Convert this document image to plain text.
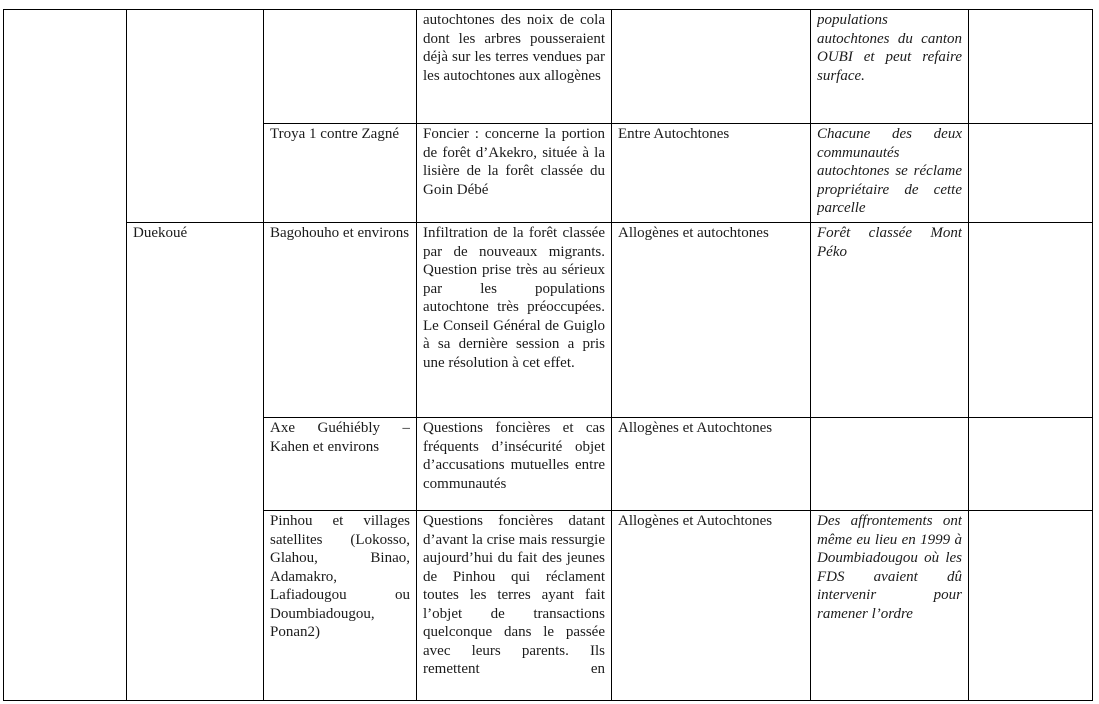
			autochtones des noix de cola dont les arbres pousseraient déjà sur les terres vendues par les autochtones aux allogènes		populations autochtones du canton OUBI et peut refaire surface.	

		Troya 1 contre Zagné	Foncier : concerne la portion de forêt d’Akekro, située à la lisière de la forêt classée du Goin Débé	Entre Autochtones	Chacune des deux communautés autochtones se réclame propriétaire de cette parcelle	

	Duekoué	Bagohouho et environs	Infiltration de la forêt classée par de nouveaux migrants. Question prise très au sérieux par les populations autochtone très préoccupées. Le Conseil Général de Guiglo à sa dernière session a pris une résolution à cet effet.	Allogènes et autochtones	Forêt classée Mont Péko	

		Axe Guéhiébly – Kahen et environs	Questions foncières et cas fréquents d’insécurité objet d’accusations mutuelles entre communautés	Allogènes et Autochtones		

		Pinhou et villages satellites (Lokosso, Glahou, Binao, Adamakro, Lafiadougou ou Doumbiadougou, Ponan2)	Questions foncières datant d’avant la crise mais ressurgie aujourd’hui du fait des jeunes de Pinhou qui réclament toutes les terres ayant fait l’objet de transactions quelconque dans le passée avec leurs parents. Ils remettent en	Allogènes et Autochtones	Des affrontements ont même eu lieu en 1999 à Doumbiadougou où les FDS avaient dû intervenir pour ramener l’ordre	
